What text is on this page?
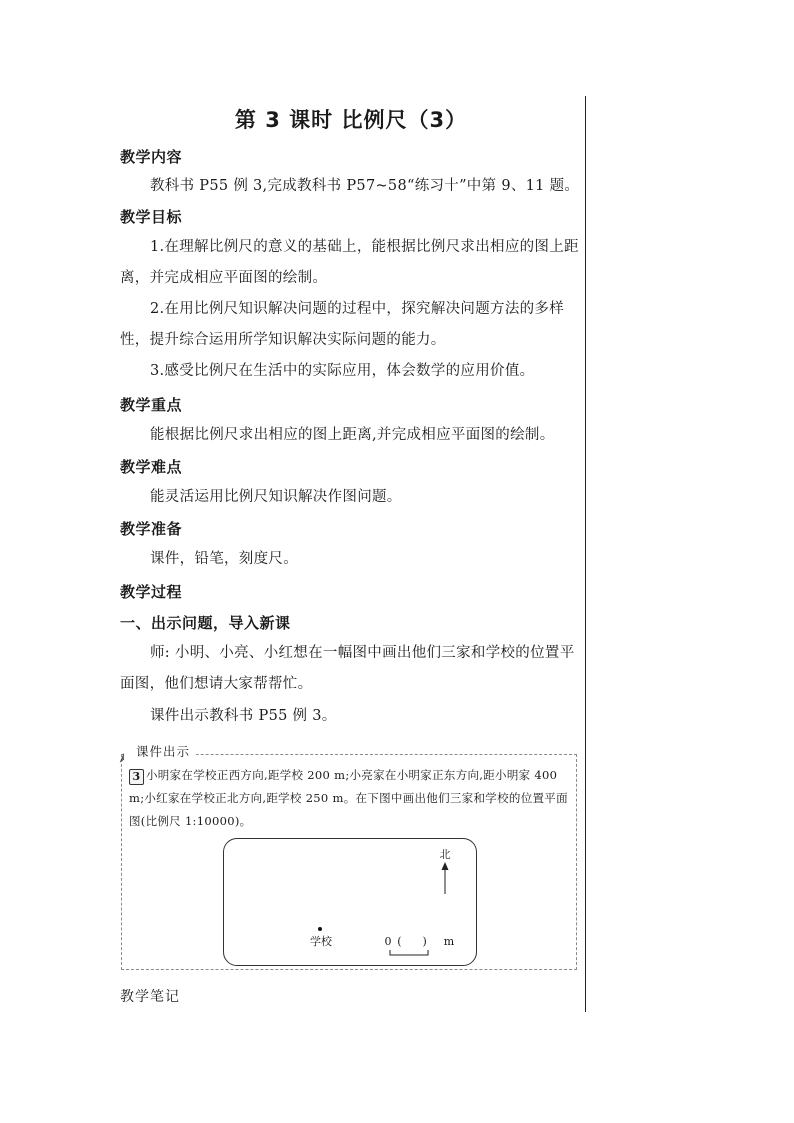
第 3 课时 比例尺（3）
教学内容

教科书 P55 例 3,完成教科书 P57~58“练习十”中第 9、11 题。

教学目标

1.在理解比例尺的意义的基础上，能根据比例尺求出相应的图上距离，并完成相应平面图的绘制。

2.在用比例尺知识解决问题的过程中，探究解决问题方法的多样性，提升综合运用所学知识解决实际问题的能力。

3.感受比例尺在生活中的实际应用，体会数学的应用价值。

教学重点

能根据比例尺求出相应的图上距离,并完成相应平面图的绘制。

教学难点

能灵活运用比例尺知识解决作图问题。

教学准备

课件，铅笔，刻度尺。

教学过程
一、出示问题，导入新课

师: 小明、小亮、小红想在一幅图中画出他们三家和学校的位置平面图，他们想请大家帮帮忙。

课件出示教科书 P55 例 3。

课件出示

3 小明家在学校正西方向,距学校 200 m;小亮家在小明家正东方向,距小明家 400 m;小红家在学校正北方向,距学校 250 m。在下图中画出他们三家和学校的位置平面图(比例尺 1:10000)。

北
学校	0 (      ) m
教学笔记
